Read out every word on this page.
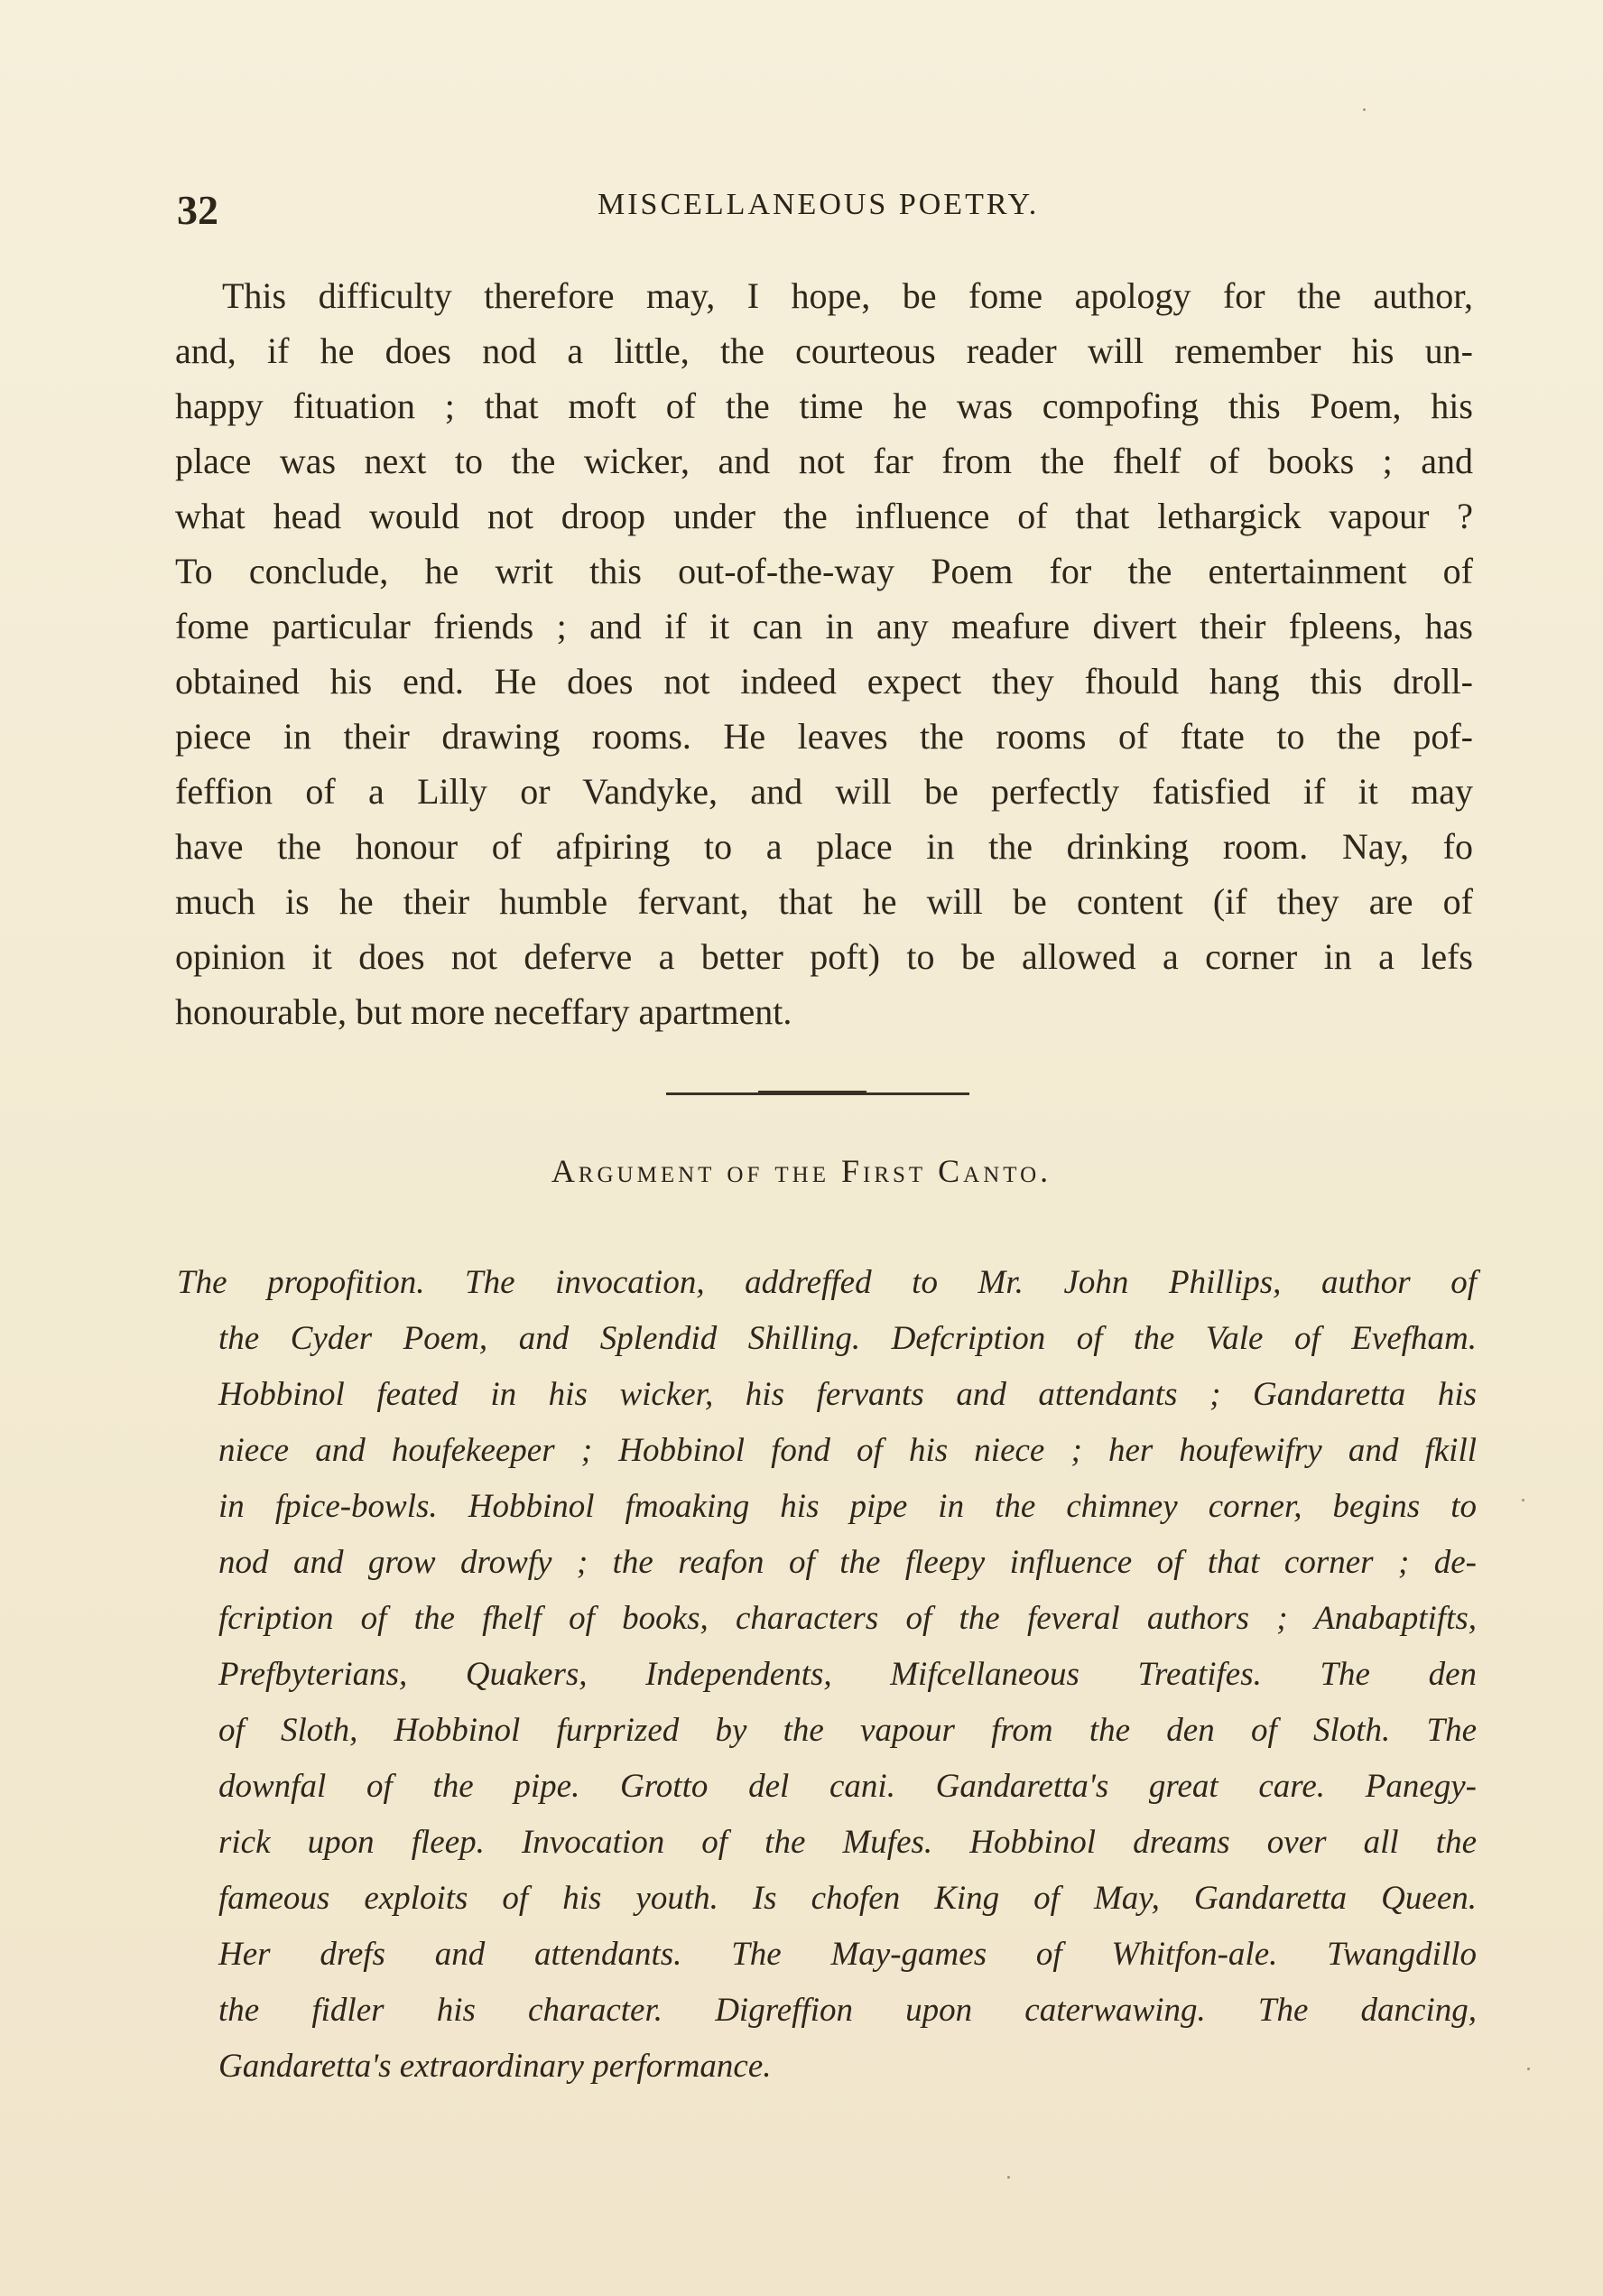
32	MISCELLANEOUS POETRY.
This difficulty therefore may, I hope, be fome apology for the author,
and, if he does nod a little, the courteous reader will remember his un-
happy fituation ; that moft of the time he was compofing this Poem, his
place was next to the wicker, and not far from the fhelf of books ; and
what head would not droop under the influence of that lethargick vapour ?
To conclude, he writ this out-of-the-way Poem for the entertainment of
fome particular friends ; and if it can in any meafure divert their fpleens, has
obtained his end. He does not indeed expect they fhould hang this droll-
piece in their drawing rooms. He leaves the rooms of ftate to the pof-
feffion of a Lilly or Vandyke, and will be perfectly fatisfied if it may
have the honour of afpiring to a place in the drinking room. Nay, fo
much is he their humble fervant, that he will be content (if they are of
opinion it does not deferve a better poft) to be allowed a corner in a lefs
honourable, but more neceffary apartment.
Argument of the First Canto.
The propofition. The invocation, addreffed to Mr. John Phillips, author of
the Cyder Poem, and Splendid Shilling. Defcription of the Vale of Evefham.
Hobbinol feated in his wicker, his fervants and attendants ; Gandaretta his
niece and houfekeeper ; Hobbinol fond of his niece ; her houfewifry and fkill
in fpice-bowls. Hobbinol fmoaking his pipe in the chimney corner, begins to
nod and grow drowfy ; the reafon of the fleepy influence of that corner ; de-
fcription of the fhelf of books, characters of the feveral authors ; Anabaptifts,
Prefbyterians, Quakers, Independents, Mifcellaneous Treatifes. The den
of Sloth, Hobbinol furprized by the vapour from the den of Sloth. The
downfal of the pipe. Grotto del cani. Gandaretta's great care. Panegy-
rick upon fleep. Invocation of the Mufes. Hobbinol dreams over all the
fameous exploits of his youth. Is chofen King of May, Gandaretta Queen.
Her drefs and attendants. The May-games of Whitfon-ale. Twangdillo
the fidler his character. Digreffion upon caterwawing. The dancing,
Gandaretta's extraordinary performance.
